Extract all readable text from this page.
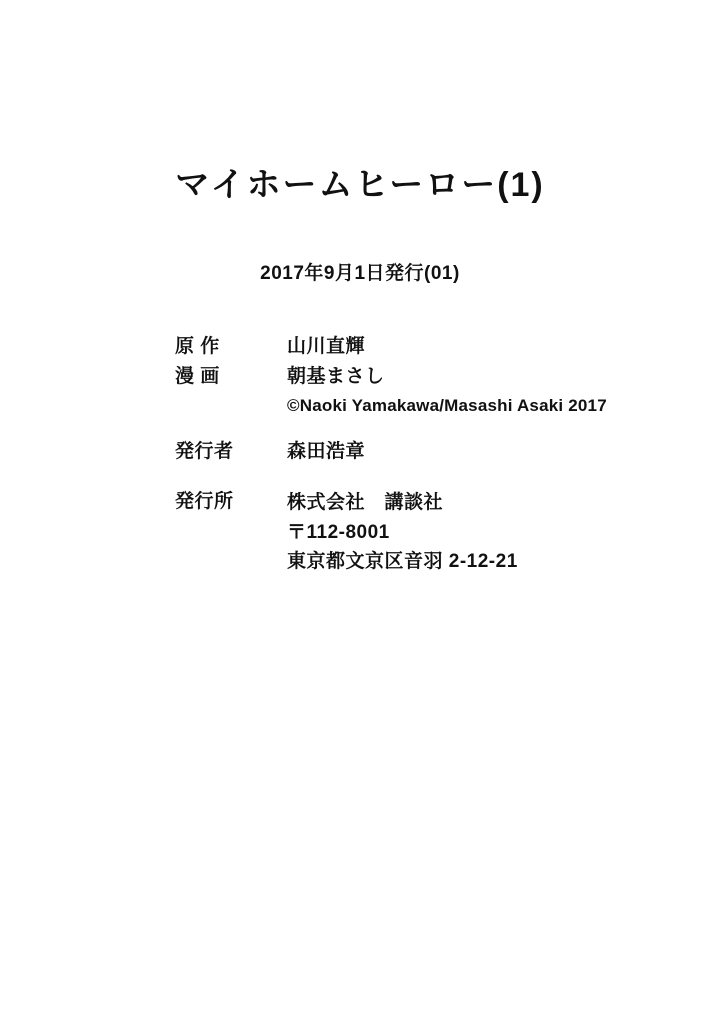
マイホームヒーロー(1)
2017年9月1日発行(01)
原 作	山川直輝
漫 画	朝基まさし
©Naoki Yamakawa/Masashi Asaki 2017
発行者	森田浩章
発行所	株式会社　講談社
〒112-8001
東京都文京区音羽 2-12-21
